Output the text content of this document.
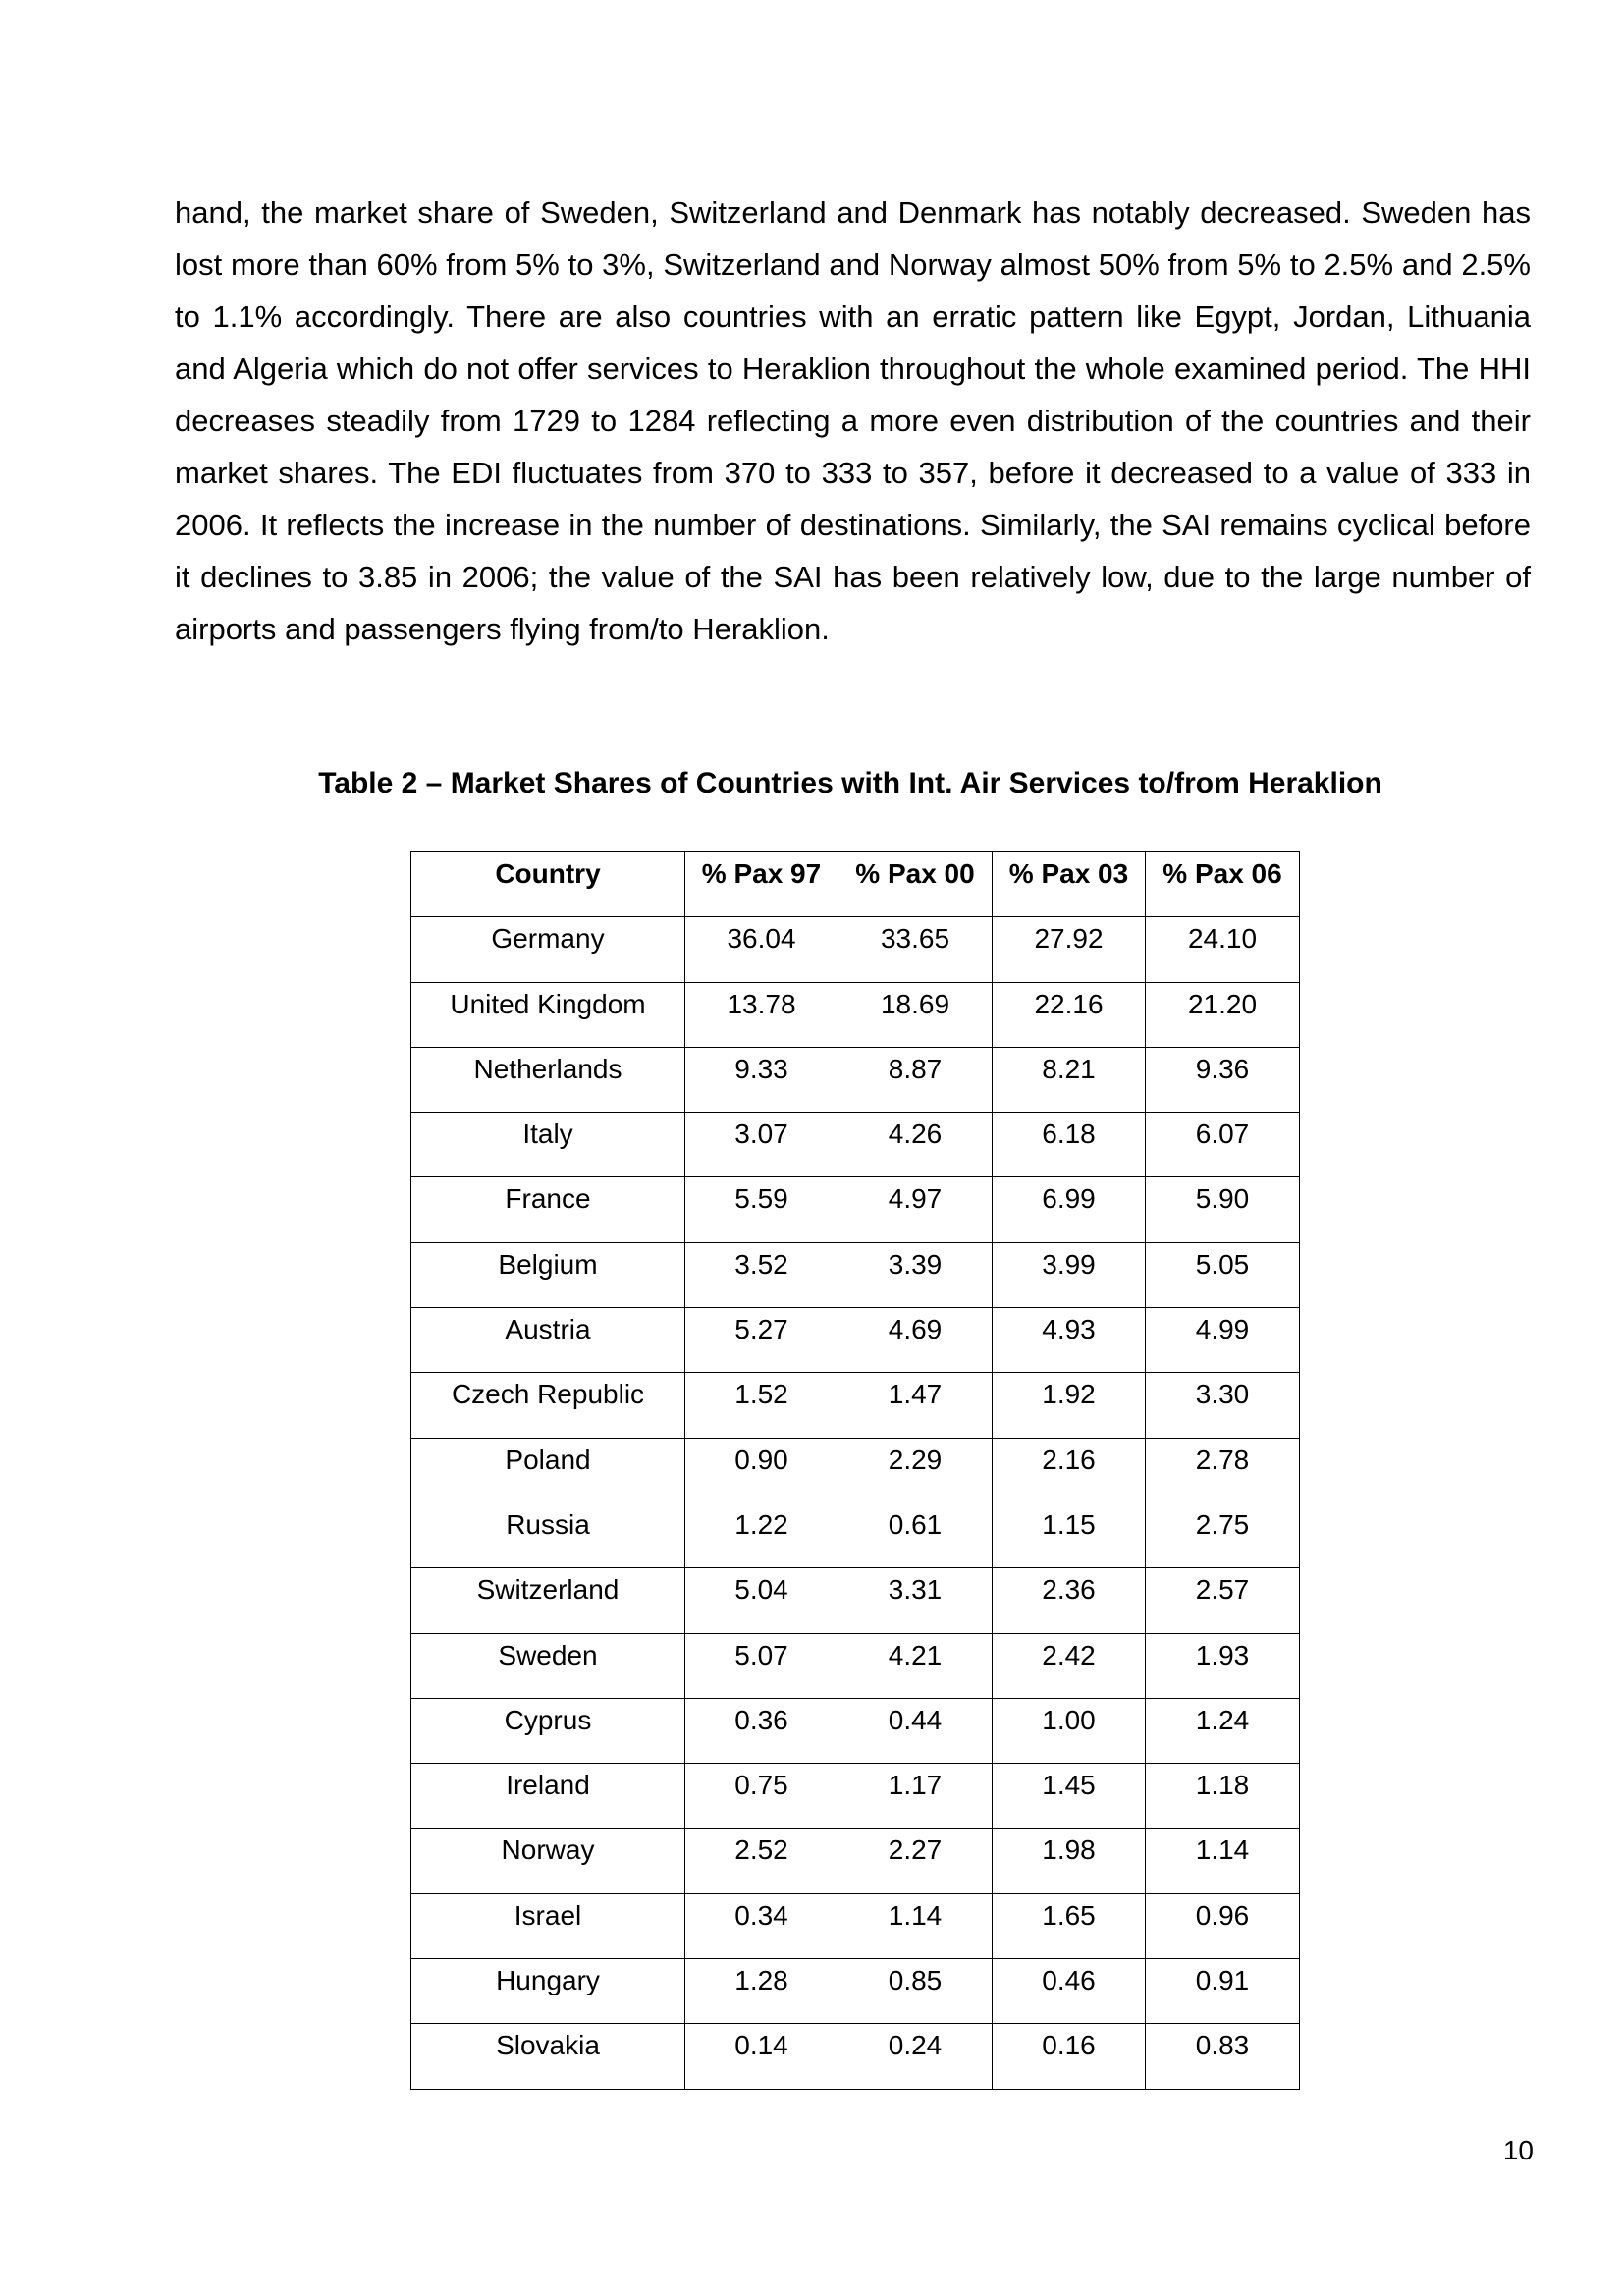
hand, the market share of Sweden, Switzerland and Denmark has notably decreased. Sweden has lost more than 60% from 5% to 3%, Switzerland and Norway almost 50% from 5% to 2.5% and 2.5% to 1.1% accordingly. There are also countries with an erratic pattern like Egypt, Jordan, Lithuania and Algeria which do not offer services to Heraklion throughout the whole examined period. The HHI decreases steadily from 1729 to 1284 reflecting a more even distribution of the countries and their market shares. The EDI fluctuates from 370 to 333 to 357, before it decreased to a value of 333 in 2006. It reflects the increase in the number of destinations. Similarly, the SAI remains cyclical before it declines to 3.85 in 2006; the value of the SAI has been relatively low, due to the large number of airports and passengers flying from/to Heraklion.

Table 2 – Market Shares of Countries with Int. Air Services to/from Heraklion

Country	% Pax 97	% Pax 00	% Pax 03	% Pax 06
Germany	36.04	33.65	27.92	24.10
United Kingdom	13.78	18.69	22.16	21.20
Netherlands	9.33	8.87	8.21	9.36
Italy	3.07	4.26	6.18	6.07
France	5.59	4.97	6.99	5.90
Belgium	3.52	3.39	3.99	5.05
Austria	5.27	4.69	4.93	4.99
Czech Republic	1.52	1.47	1.92	3.30
Poland	0.90	2.29	2.16	2.78
Russia	1.22	0.61	1.15	2.75
Switzerland	5.04	3.31	2.36	2.57
Sweden	5.07	4.21	2.42	1.93
Cyprus	0.36	0.44	1.00	1.24
Ireland	0.75	1.17	1.45	1.18
Norway	2.52	2.27	1.98	1.14
Israel	0.34	1.14	1.65	0.96
Hungary	1.28	0.85	0.46	0.91
Slovakia	0.14	0.24	0.16	0.83

10
